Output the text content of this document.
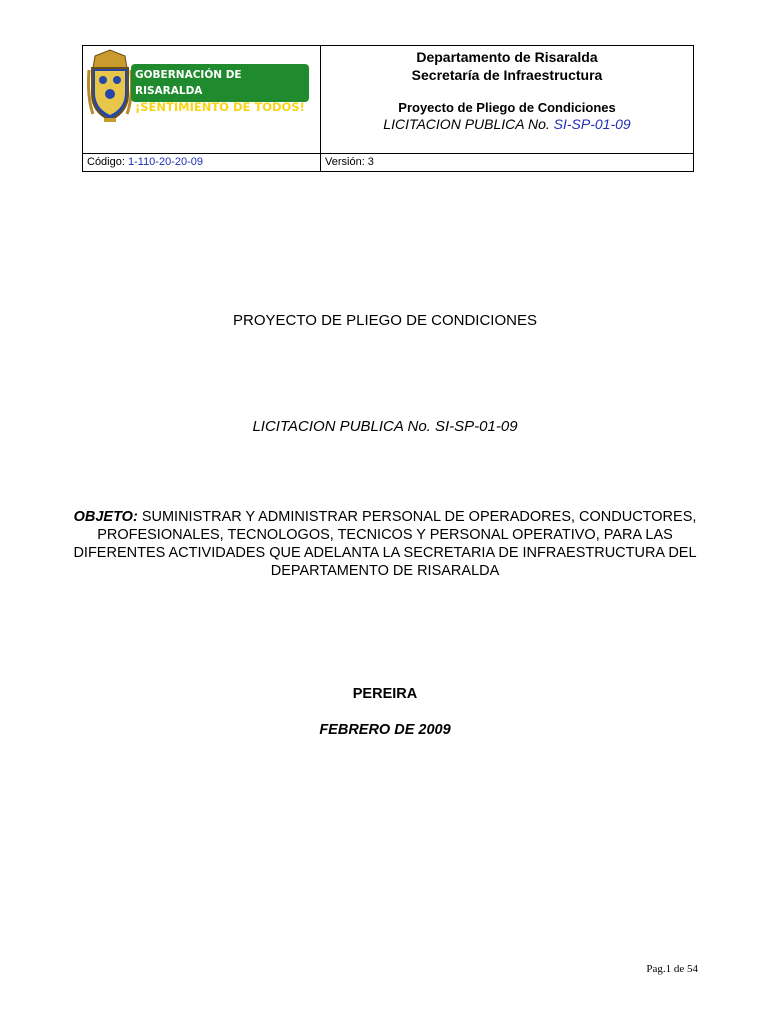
GOBERNACIÓN DE RISARALDA
¡SENTIMIENTO DE TODOS!
Departamento de Risaralda
Secretaría de Infraestructura
Proyecto de Pliego de Condiciones
LICITACION PUBLICA No. SI-SP-01-09
Código: 1-110-20-20-09	Versión: 3
PROYECTO DE PLIEGO DE CONDICIONES
LICITACION PUBLICA No. SI-SP-01-09
OBJETO: SUMINISTRAR Y ADMINISTRAR PERSONAL DE OPERADORES, CONDUCTORES, PROFESIONALES, TECNOLOGOS, TECNICOS Y PERSONAL OPERATIVO, PARA LAS DIFERENTES ACTIVIDADES QUE ADELANTA LA SECRETARIA DE INFRAESTRUCTURA DEL DEPARTAMENTO DE RISARALDA
PEREIRA
FEBRERO DE 2009
Pag.1 de 54
